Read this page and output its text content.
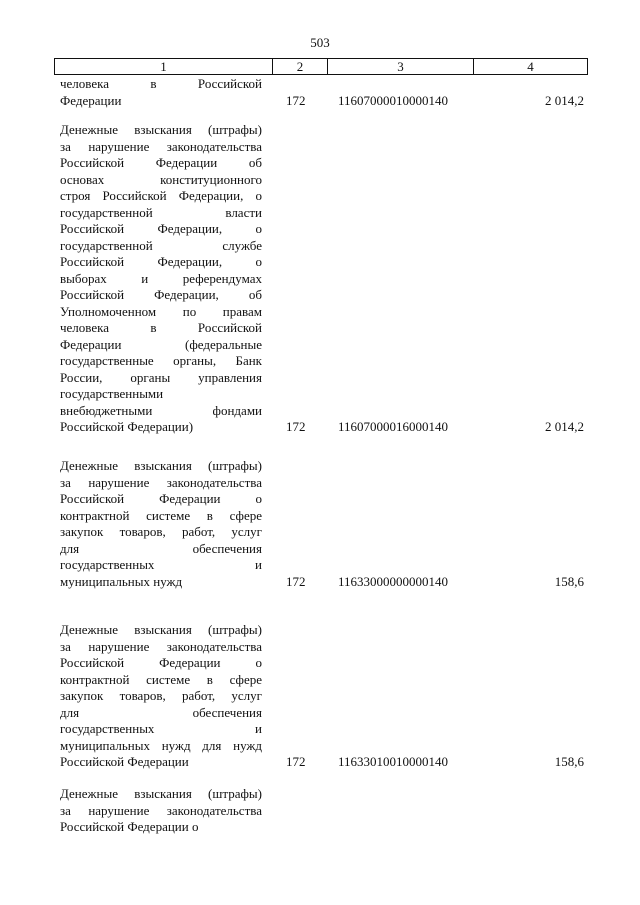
503
1	2	3	4
человека в Российской
Федерации	172	11607000010000140	2 014,2
Денежные взыскания (штрафы)
за нарушение законодательства
Российской Федерации об
основах конституционного
строя Российской Федерации, о
государственной власти
Российской Федерации, о
государственной службе
Российской Федерации, о
выборах и референдумах
Российской Федерации, об
Уполномоченном по правам
человека в Российской
Федерации (федеральные
государственные органы, Банк
России, органы управления
государственными
внебюджетными фондами
Российской Федерации)	172	11607000016000140	2 014,2
Денежные взыскания (штрафы)
за нарушение законодательства
Российской Федерации о
контрактной системе в сфере
закупок товаров, работ, услуг
для обеспечения
государственных и
муниципальных нужд	172	11633000000000140	158,6
Денежные взыскания (штрафы)
за нарушение законодательства
Российской Федерации о
контрактной системе в сфере
закупок товаров, работ, услуг
для обеспечения
государственных и
муниципальных нужд для нужд
Российской Федерации	172	11633010010000140	158,6
Денежные взыскания (штрафы)
за нарушение законодательства
Российской Федерации о
